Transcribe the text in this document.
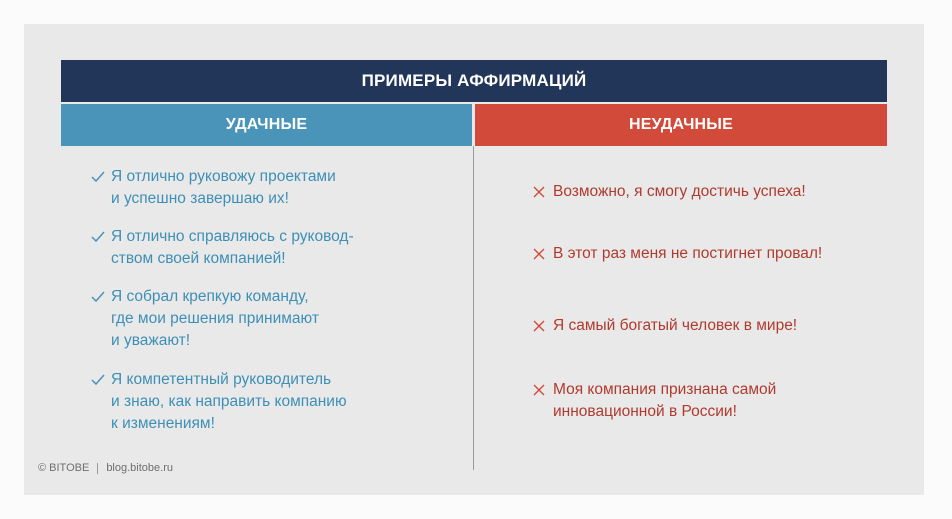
ПРИМЕРЫ АФФИРМАЦИЙ
УДАЧНЫЕ	НЕУДАЧНЫЕ
Я отлично руковожу проектами
и успешно завершаю их!
Я отлично справляюсь с руковод-
ством своей компанией!
Я собрал крепкую команду,
где мои решения принимают
и уважают!
Я компетентный руководитель
и знаю, как направить компанию
к изменениям!
Возможно, я смогу достичь успеха!
В этот раз меня не постигнет провал!
Я самый богатый человек в мире!
Моя компания признана самой
инновационной в России!
© BITOBE blog.bitobe.ru
